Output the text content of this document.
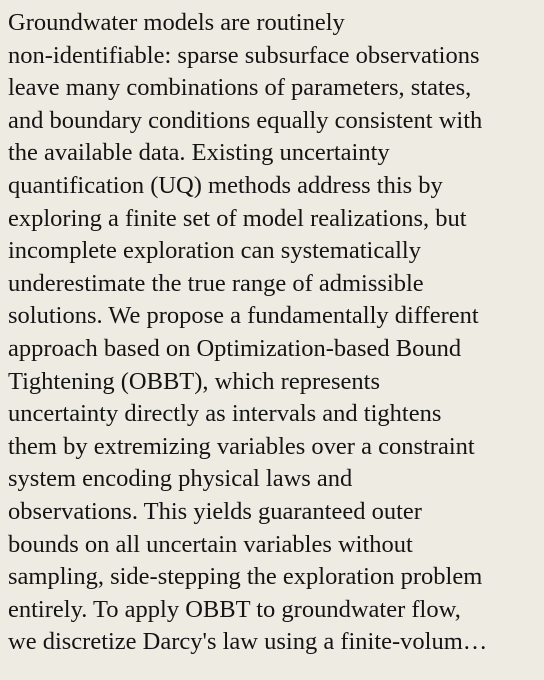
Groundwater models are routinely
non-identifiable: sparse subsurface observations
leave many combinations of parameters, states,
and boundary conditions equally consistent with
the available data. Existing uncertainty
quantification (UQ) methods address this by
exploring a finite set of model realizations, but
incomplete exploration can systematically
underestimate the true range of admissible
solutions. We propose a fundamentally different
approach based on Optimization-based Bound
Tightening (OBBT), which represents
uncertainty directly as intervals and tightens
them by extremizing variables over a constraint
system encoding physical laws and
observations. This yields guaranteed outer
bounds on all uncertain variables without
sampling, side-stepping the exploration problem
entirely. To apply OBBT to groundwater flow,
we discretize Darcy's law using a finite-volum…
